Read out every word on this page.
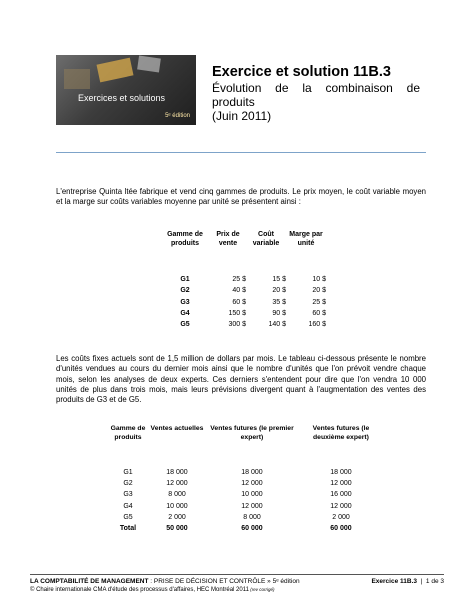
Exercices et solutions
5ᵉ édition
Exercice et solution 11B.3
Évolution de la combinaison de produits
(Juin 2011)
L'entreprise Quinta ltée fabrique et vend cinq gammes de produits. Le prix moyen, le coût variable moyen et la marge sur coûts variables moyenne par unité se présentent ainsi :
Gamme de produits	Prix de vente	Coût variable	Marge par unité
G1	25 $	15 $	10 $
G2	40 $	20 $	20 $
G3	60 $	35 $	25 $
G4	150 $	90 $	60 $
G5	300 $	140 $	160 $
Les coûts fixes actuels sont de 1,5 million de dollars par mois. Le tableau ci-dessous présente le nombre d'unités vendues au cours du dernier mois ainsi que le nombre d'unités que l'on prévoit vendre chaque mois, selon les analyses de deux experts. Ces derniers s'entendent pour dire que l'on vendra 10 000 unités de plus dans trois mois, mais leurs prévisions divergent quant à l'augmentation des ventes des produits de G3 et de G5.
Gamme de produits	Ventes actuelles	Ventes futures (le premier expert)	Ventes futures (le deuxième expert)
G1	18 000	18 000	18 000
G2	12 000	12 000	12 000
G3	8 000	10 000	16 000
G4	10 000	12 000	12 000
G5	2 000	8 000	2 000
Total	50 000	60 000	60 000
LA COMPTABILITÉ DE MANAGEMENT : PRISE DE DÉCISION ET CONTRÔLE » 5ᵉ édition	Exercice 11B.3  |  1 de 3
© Chaire internationale CMA d'étude des processus d'affaires, HEC Montréal 2011 (rev corrigé)
